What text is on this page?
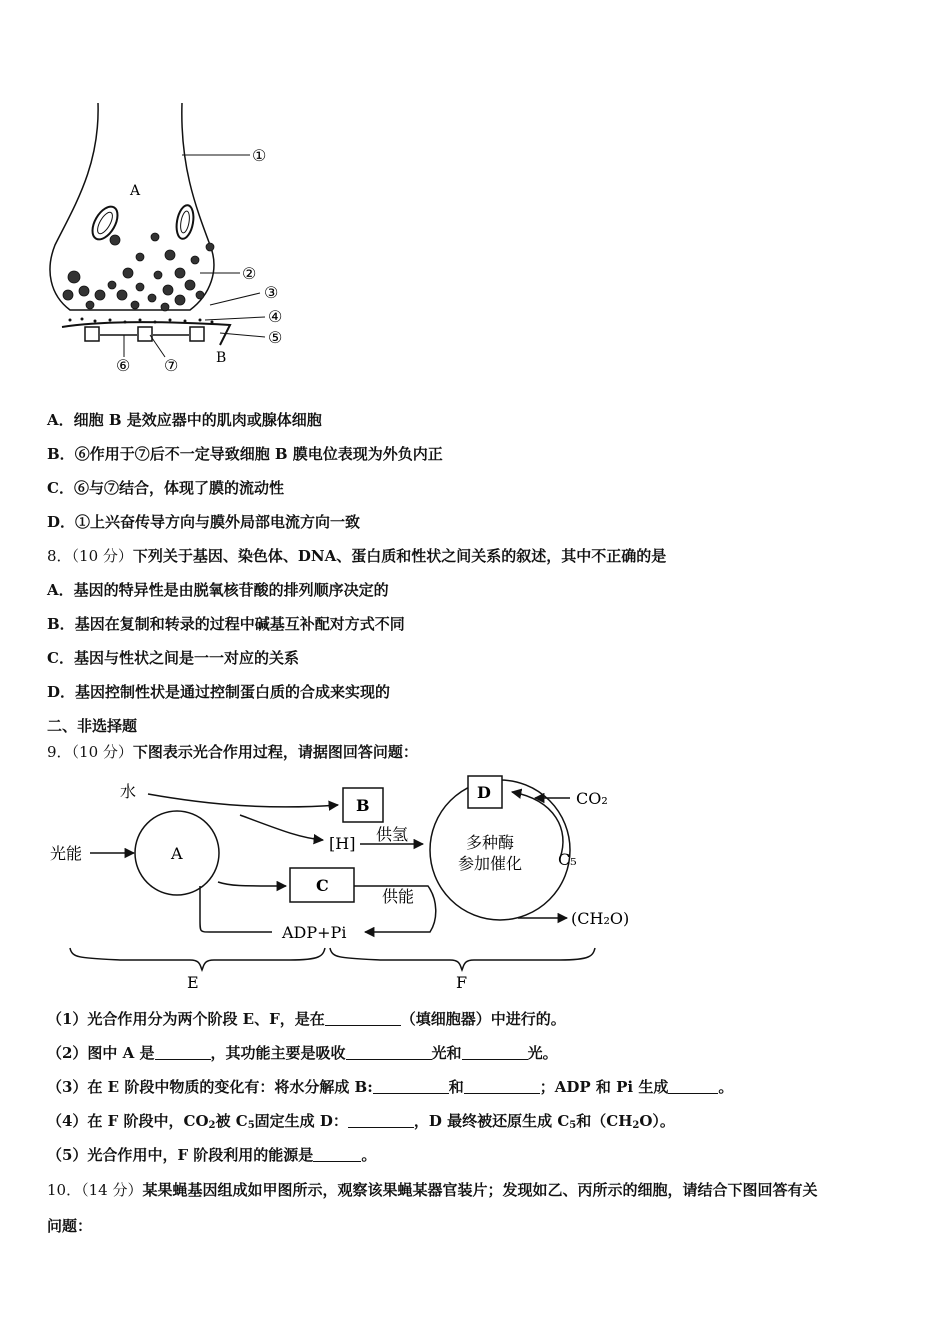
A
B
①
②
③
④
⑤
⑥ ⑦
A．细胞 B 是效应器中的肌肉或腺体细胞
B．⑥作用于⑦后不一定导致细胞 B 膜电位表现为外负内正
C．⑥与⑦结合，体现了膜的流动性
D．①上兴奋传导方向与膜外局部电流方向一致
8．（10 分）下列关于基因、染色体、DNA、蛋白质和性状之间关系的叙述，其中不正确的是
A．基因的特异性是由脱氧核苷酸的排列顺序决定的
B．基因在复制和转录的过程中碱基互补配对方式不同
C．基因与性状之间是一一对应的关系
D．基因控制性状是通过控制蛋白质的合成来实现的
二、非选择题
9．（10 分）下图表示光合作用过程，请据图回答问题：
水
B
光能	A
[H] 供氢	多种酶
参加催化
D	CO₂
C₅
(CH₂O)
C
供能
ADP+Pi
E	F
（1）光合作用分为两个阶段 E、F，是在	（填细胞器）中进行的。
（2）图中 A 是	，其功能主要是吸收	光和	光。
（3）在 E 阶段中物质的变化有：将水分解成 B:	和	；ADP 和 Pi 生成	。
（4）在 F 阶段中，$CO_2$被 $C_5$固定生成 D：	，D 最终被还原生成 $C_5$和$(CH_2O)$。
（5）光合作用中，F 阶段利用的能源是	。
10．（14 分）某果蝇基因组成如甲图所示，观察该果蝇某器官装片；发现如乙、丙所示的细胞，请结合下图回答有关
问题：
